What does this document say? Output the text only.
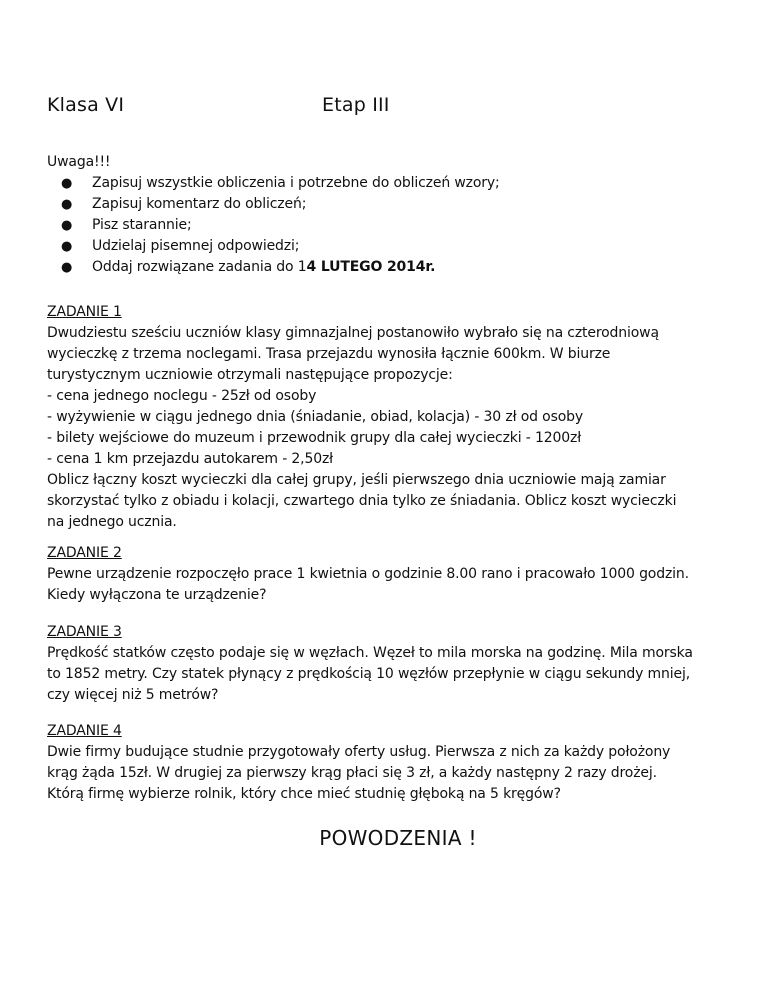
Klasa VI	Etap III
Uwaga!!!
● Zapisuj wszystkie obliczenia i potrzebne do obliczeń wzory;
● Zapisuj komentarz do obliczeń;
● Pisz starannie;
● Udzielaj pisemnej odpowiedzi;
● Oddaj rozwiązane zadania do 14 LUTEGO 2014r.
ZADANIE 1

Dwudziestu sześciu uczniów klasy gimnazjalnej postanowiło wybrało się na czterodniową

wycieczkę z trzema noclegami. Trasa przejazdu wynosiła łącznie 600km. W biurze

turystycznym uczniowie otrzymali następujące propozycje:

- cena jednego noclegu - 25zł od osoby

- wyżywienie w ciągu jednego dnia (śniadanie, obiad, kolacja) - 30 zł od osoby

- bilety wejściowe do muzeum i przewodnik grupy dla całej wycieczki - 1200zł

- cena 1 km przejazdu autokarem - 2,50zł

Oblicz łączny koszt wycieczki dla całej grupy, jeśli pierwszego dnia uczniowie mają zamiar

skorzystać tylko z obiadu i kolacji, czwartego dnia tylko ze śniadania. Oblicz koszt wycieczki

na jednego ucznia.

ZADANIE 2

Pewne urządzenie rozpoczęło prace 1 kwietnia o godzinie 8.00 rano i pracowało 1000 godzin.

Kiedy wyłączona te urządzenie?

ZADANIE 3

Prędkość statków często podaje się w węzłach. Węzeł to mila morska na godzinę. Mila morska

to 1852 metry. Czy statek płynący z prędkością 10 węzłów przepłynie w ciągu sekundy mniej,

czy więcej niż 5 metrów?

ZADANIE 4

Dwie firmy budujące studnie przygotowały oferty usług. Pierwsza z nich za każdy położony

krąg żąda 15zł. W drugiej za pierwszy krąg płaci się 3 zł, a każdy następny 2 razy drożej.

Którą firmę wybierze rolnik, który chce mieć studnię głęboką na 5 kręgów?

POWODZENIA !
